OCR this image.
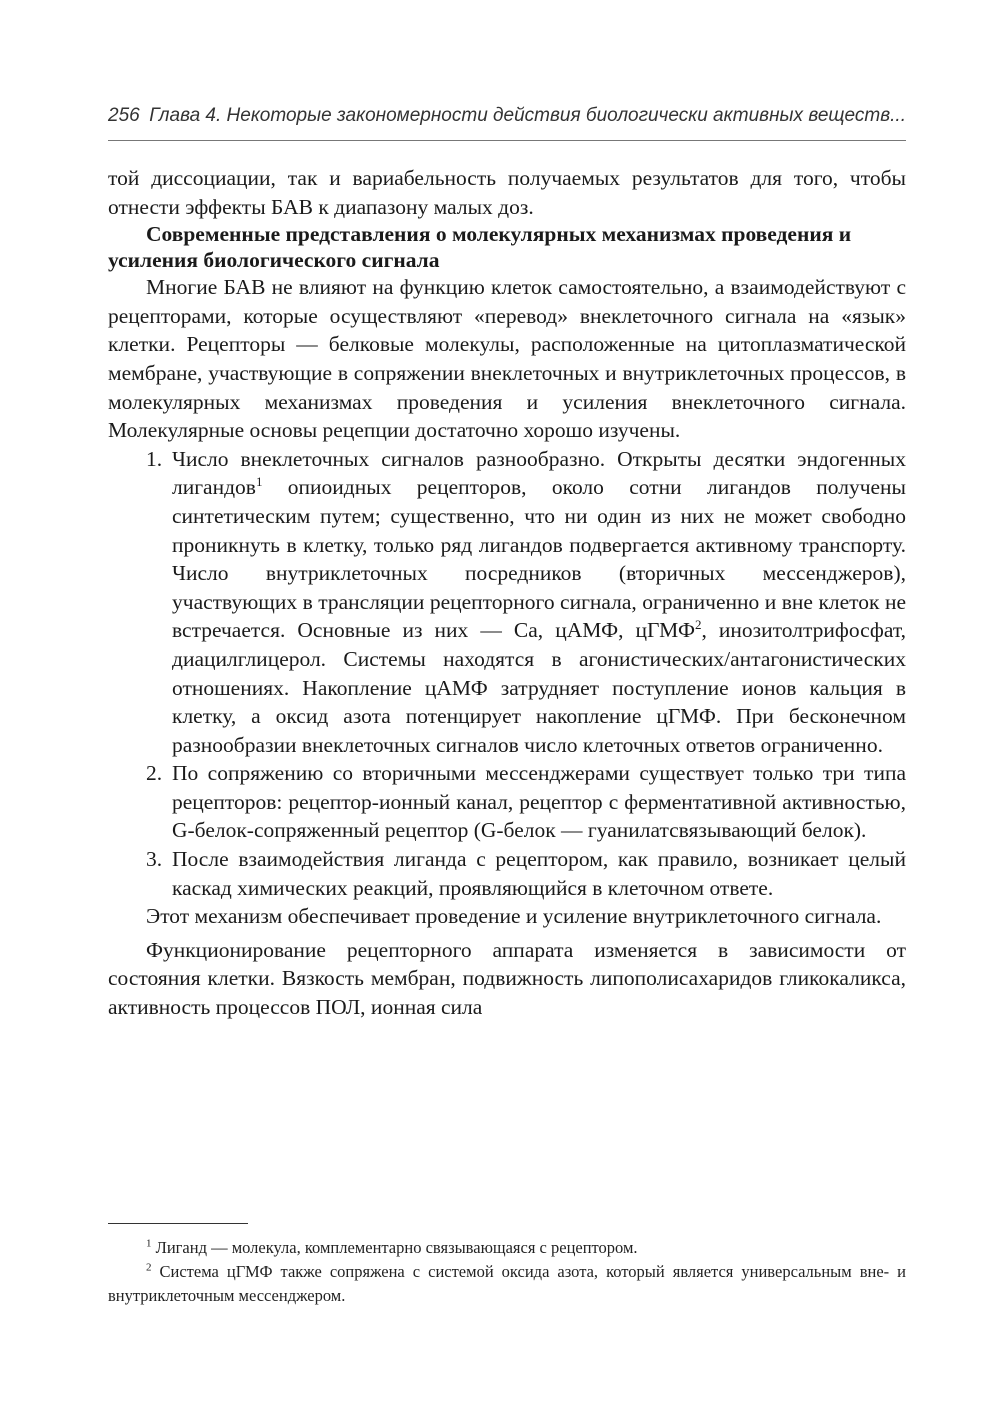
256 Глава 4. Некоторые закономерности действия биологически активных веществ...

той диссоциации, так и вариабельность получаемых результатов для того, чтобы отнести эффекты БАВ к диапазону малых доз.

Современные представления о молекулярных механизмах проведения и усиления биологического сигнала

Многие БАВ не влияют на функцию клеток самостоятельно, а взаимодействуют с рецепторами, которые осуществляют «перевод» внеклеточного сигнала на «язык» клетки. Рецепторы — белковые молекулы, расположенные на цитоплазматической мембране, участвующие в сопряжении внеклеточных и внутриклеточных процессов, в молекулярных механизмах проведения и усиления внеклеточного сигнала. Молекулярные основы рецепции достаточно хорошо изучены.

1. Число внеклеточных сигналов разнообразно. Открыты десятки эндогенных лигандов$^1$ опиоидных рецепторов, около сотни лигандов получены синтетическим путем; существенно, что ни один из них не может свободно проникнуть в клетку, только ряд лигандов подвергается активному транспорту. Число внутриклеточных посредников (вторичных мессенджеров), участвующих в трансляции рецепторного сигнала, ограниченно и вне клеток не встречается. Основные из них — Са, цАМФ, цГМФ$^2$, инозитолтрифосфат, диацилглицерол. Системы находятся в агонистических/антагонистических отношениях. Накопление цАМФ затрудняет поступление ионов кальция в клетку, а оксид азота потенцирует накопление цГМФ. При бесконечном разнообразии внеклеточных сигналов число клеточных ответов ограниченно.
2. По сопряжению со вторичными мессенджерами существует только три типа рецепторов: рецептор-ионный канал, рецептор с ферментативной активностью, G-белок-сопряженный рецептор (G-белок — гуанилатсвязывающий белок).
3. После взаимодействия лиганда с рецептором, как правило, возникает целый каскад химических реакций, проявляющийся в клеточном ответе.

Этот механизм обеспечивает проведение и усиление внутриклеточного сигнала.

Функционирование рецепторного аппарата изменяется в зависимости от состояния клетки. Вязкость мембран, подвижность липополисахаридов гликокаликса, активность процессов ПОЛ, ионная сила

$^1$ Лиганд — молекула, комплементарно связывающаяся с рецептором.

$^2$ Система цГМФ также сопряжена с системой оксида азота, который является универсальным вне- и внутриклеточным мессенджером.
